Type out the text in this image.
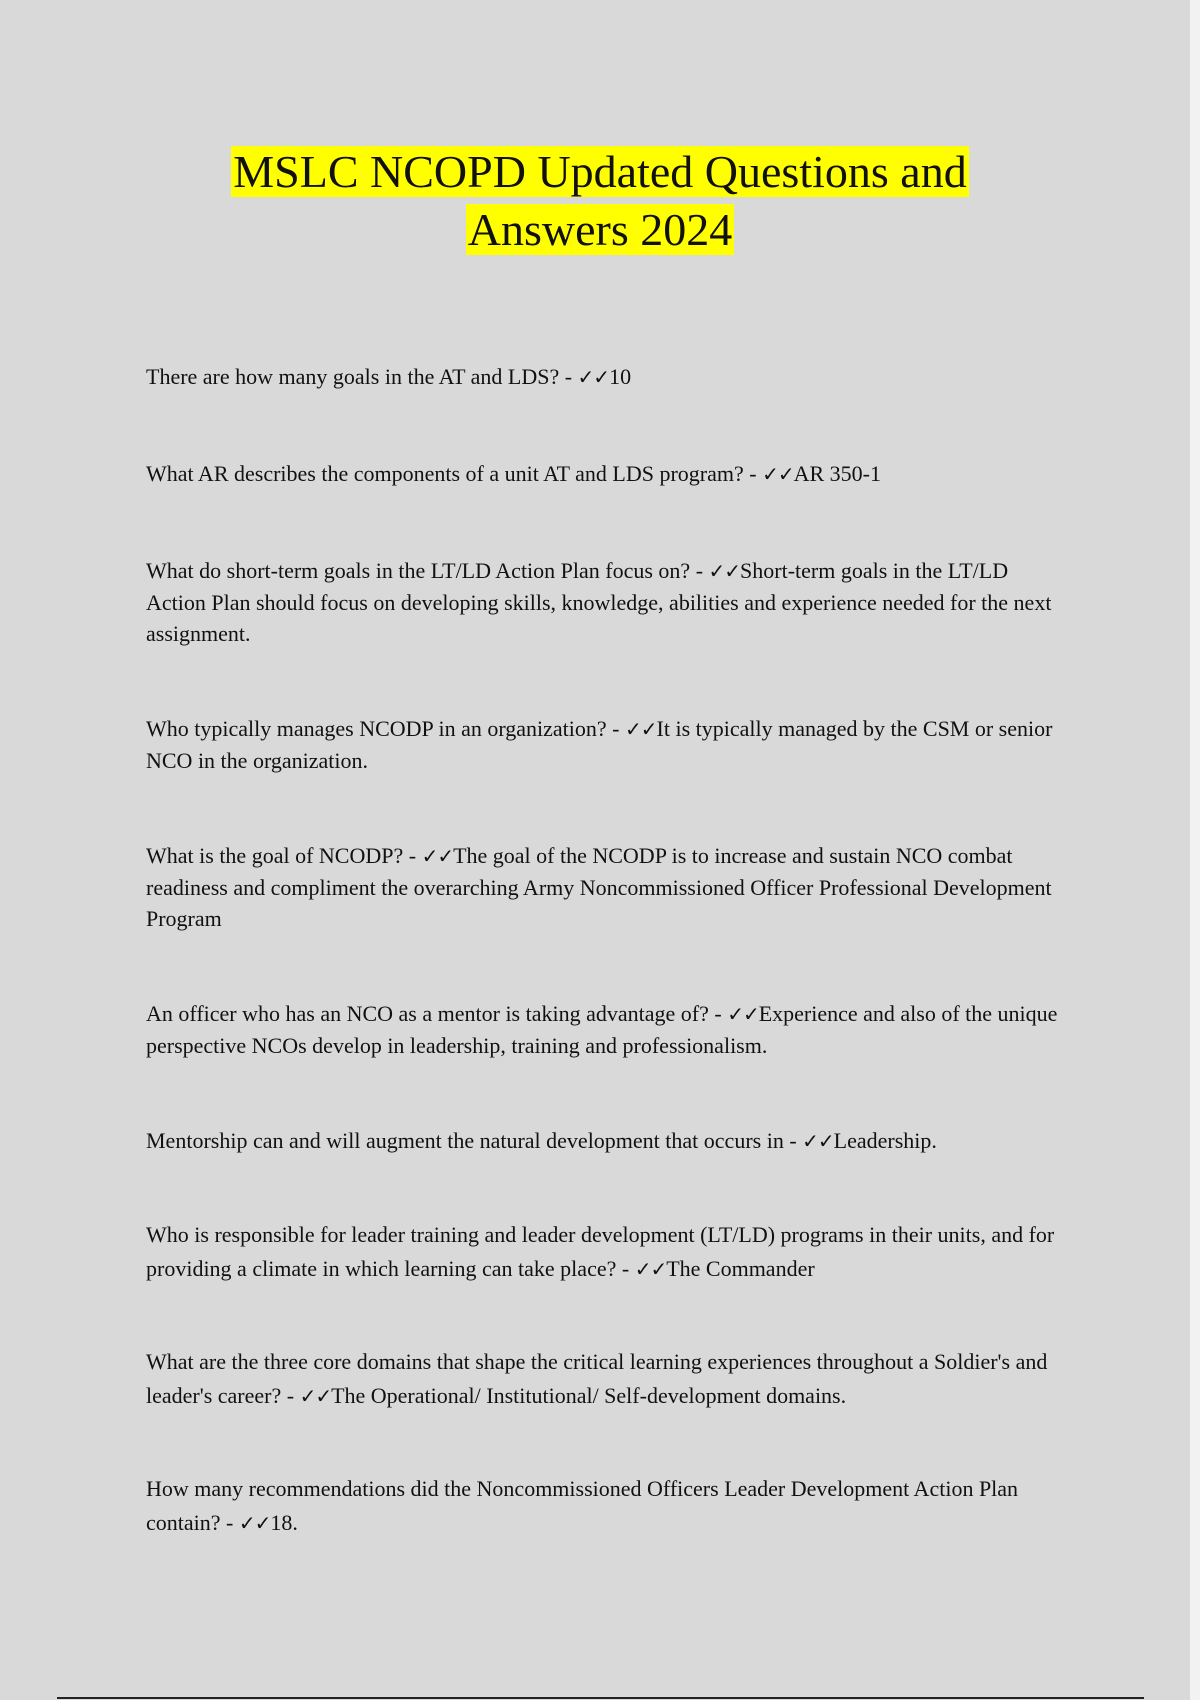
MSLC NCOPD Updated Questions and
Answers 2024

There are how many goals in the AT and LDS? - ✓✓10

What AR describes the components of a unit AT and LDS program? - ✓✓AR 350-1

What do short-term goals in the LT/LD Action Plan focus on? - ✓✓Short-term goals in the LT/LD Action Plan should focus on developing skills, knowledge, abilities and experience needed for the next assignment.

Who typically manages NCODP in an organization? - ✓✓It is typically managed by the CSM or senior NCO in the organization.

What is the goal of NCODP? - ✓✓The goal of the NCODP is to increase and sustain NCO combat readiness and compliment the overarching Army Noncommissioned Officer Professional Development Program

An officer who has an NCO as a mentor is taking advantage of? - ✓✓Experience and also of the unique perspective NCOs develop in leadership, training and professionalism.

Mentorship can and will augment the natural development that occurs in - ✓✓Leadership.

Who is responsible for leader training and leader development (LT/LD) programs in their units, and for providing a climate in which learning can take place? - ✓✓The Commander

What are the three core domains that shape the critical learning experiences throughout a Soldier's and leader's career? - ✓✓The Operational/ Institutional/ Self-development domains.

How many recommendations did the Noncommissioned Officers Leader Development Action Plan contain? - ✓✓18.
